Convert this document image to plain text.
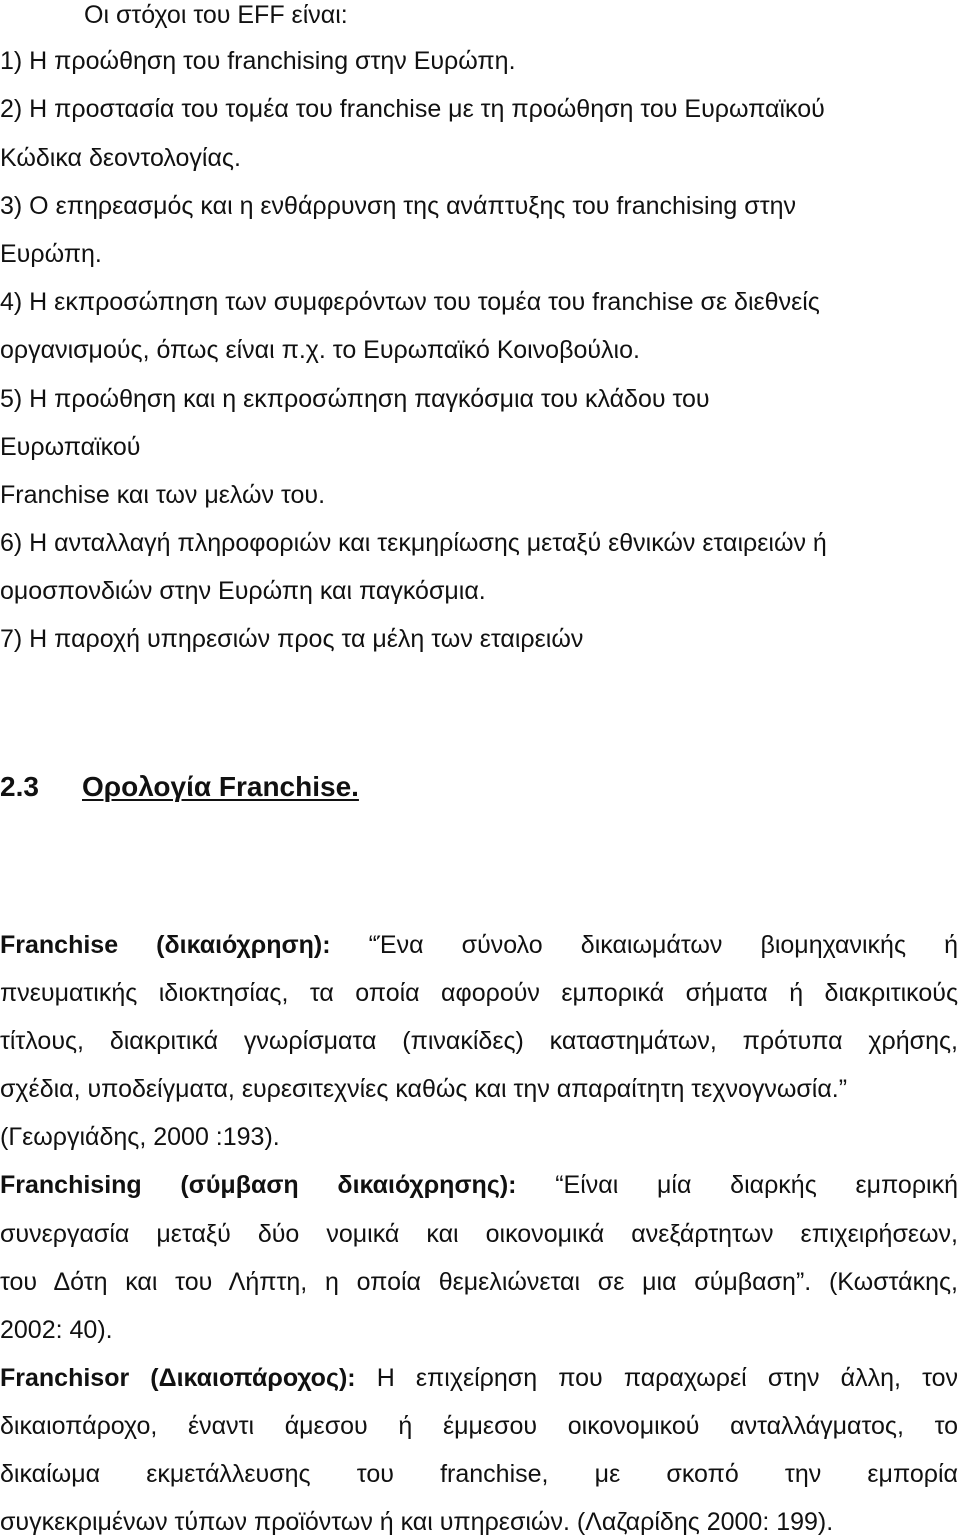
Οι στόχοι του EFF είναι:
1) Η προώθηση του franchising στην Ευρώπη.
2) Η προστασία του τομέα του franchise με τη προώθηση του Ευρωπαϊκού
Κώδικα δεοντολογίας.
3) Ο επηρεασμός και η ενθάρρυνση της ανάπτυξης του franchising στην
Ευρώπη.
4) Η εκπροσώπηση των συμφερόντων του τομέα του franchise σε διεθνείς
οργανισμούς, όπως είναι π.χ. το Ευρωπαϊκό Κοινοβούλιο.
5) Η προώθηση και η εκπροσώπηση παγκόσμια του κλάδου του
Ευρωπαϊκού
Franchise και των μελών του.
6) Η ανταλλαγή πληροφοριών και τεκμηρίωσης μεταξύ εθνικών εταιρειών ή
ομοσπονδιών στην Ευρώπη και παγκόσμια.
7) Η παροχή υπηρεσιών προς τα μέλη των εταιρειών
2.3 Ορολογία Franchise.
Franchise (δικαιόχρηση): “Ένα σύνολο δικαιωμάτων βιομηχανικής ή
πνευματικής ιδιοκτησίας, τα οποία αφορούν εμπορικά σήματα ή διακριτικούς
τίτλους, διακριτικά γνωρίσματα (πινακίδες) καταστημάτων, πρότυπα χρήσης,
σχέδια, υποδείγματα, ευρεσιτεχνίες καθώς και την απαραίτητη τεχνογνωσία.”
(Γεωργιάδης, 2000 :193).
Franchising (σύμβαση δικαιόχρησης): “Είναι μία διαρκής εμπορική
συνεργασία μεταξύ δύο νομικά και οικονομικά ανεξάρτητων επιχειρήσεων,
του Δότη και του Λήπτη, η οποία θεμελιώνεται σε μια σύμβαση”. (Κωστάκης,
2002: 40).
Franchisor (Δικαιοπάροχος): Η επιχείρηση που παραχωρεί στην άλλη, τον
δικαιοπάροχο, έναντι άμεσου ή έμμεσου οικονομικού ανταλλάγματος, το
δικαίωμα εκμετάλλευσης του franchise, με σκοπό την εμπορία
συγκεκριμένων τύπων προϊόντων ή και υπηρεσιών. (Λαζαρίδης 2000: 199).
